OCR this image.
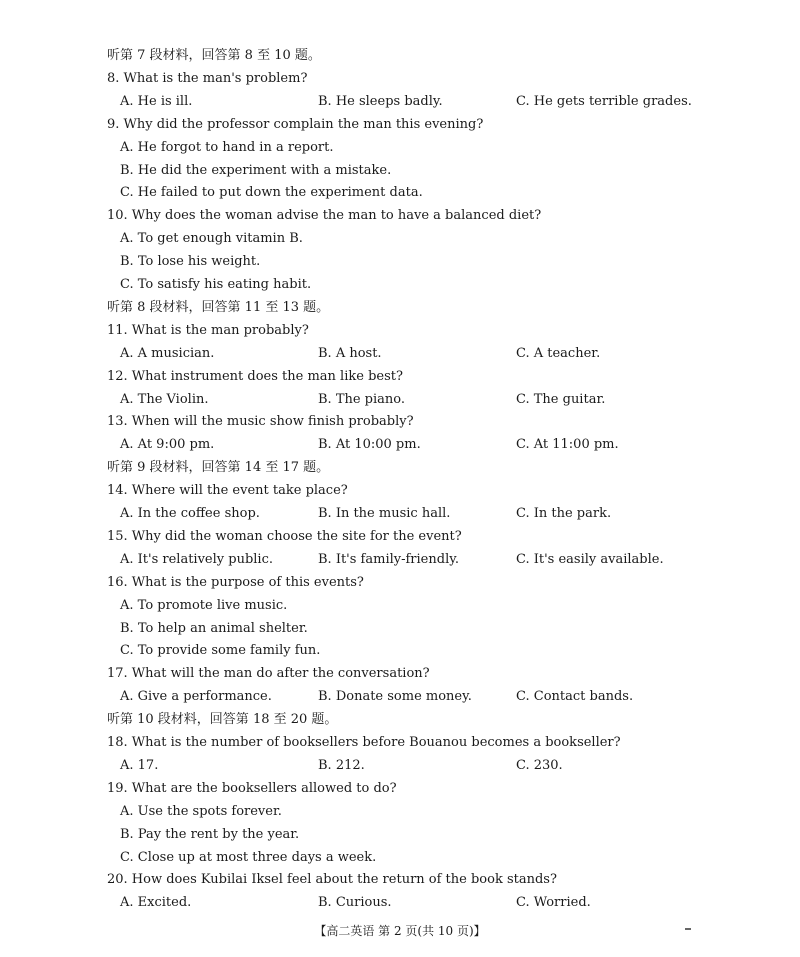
听第 7 段材料，回答第 8 至 10 题。
8. What is the man's problem?
A. He is ill.	B. He sleeps badly.	C. He gets terrible grades.
9. Why did the professor complain the man this evening?
A. He forgot to hand in a report.
B. He did the experiment with a mistake.
C. He failed to put down the experiment data.
10. Why does the woman advise the man to have a balanced diet?
A. To get enough vitamin B.
B. To lose his weight.
C. To satisfy his eating habit.
听第 8 段材料，回答第 11 至 13 题。
11. What is the man probably?
A. A musician.	B. A host.	C. A teacher.
12. What instrument does the man like best?
A. The Violin.	B. The piano.	C. The guitar.
13. When will the music show finish probably?
A. At 9:00 pm.	B. At 10:00 pm.	C. At 11:00 pm.
听第 9 段材料，回答第 14 至 17 题。
14. Where will the event take place?
A. In the coffee shop.	B. In the music hall.	C. In the park.
15. Why did the woman choose the site for the event?
A. It's relatively public.	B. It's family-friendly.	C. It's easily available.
16. What is the purpose of this events?
A. To promote live music.
B. To help an animal shelter.
C. To provide some family fun.
17. What will the man do after the conversation?
A. Give a performance.	B. Donate some money.	C. Contact bands.
听第 10 段材料，回答第 18 至 20 题。
18. What is the number of booksellers before Bouanou becomes a bookseller?
A. 17.	B. 212.	C. 230.
19. What are the booksellers allowed to do?
A. Use the spots forever.
B. Pay the rent by the year.
C. Close up at most three days a week.
20. How does Kubilai Iksel feel about the return of the book stands?
A. Excited.	B. Curious.	C. Worried.
【高二英语 第 2 页(共 10 页)】
